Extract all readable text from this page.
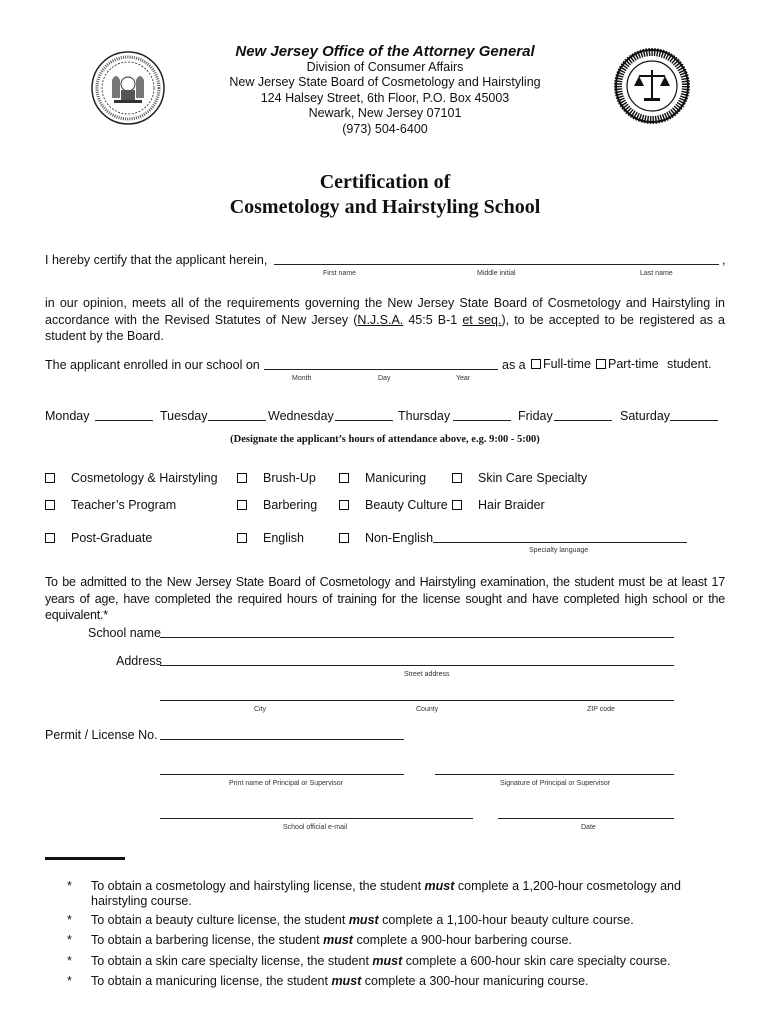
New Jersey Office of the Attorney General
Division of Consumer Affairs
New Jersey State Board of Cosmetology and Hairstyling
124 Halsey Street, 6th Floor, P.O. Box 45003
Newark, New Jersey 07101
(973) 504-6400
Certification of
Cosmetology and Hairstyling School
I hereby certify that the applicant herein,	,
First name	Middle initial	Last name
in our opinion, meets all of the requirements governing the New Jersey State Board of Cosmetology and Hairstyling in accordance with the Revised Statutes of New Jersey (N.J.S.A. 45:5 B-1 et seq.), to be accepted to be registered as a student by the Board.
The applicant enrolled in our school on	as a	Full-time	Part-time student.
Month	Day	Year
Monday	Tuesday	Wednesday	Thursday	Friday	Saturday
(Designate the applicant’s hours of attendance above, e.g. 9:00 - 5:00)
Cosmetology & Hairstyling	Brush-Up	Manicuring	Skin Care Specialty
Teacher’s Program	Barbering	Beauty Culture	Hair Braider
Post-Graduate	English	Non-English
Specialty language
To be admitted to the New Jersey State Board of Cosmetology and Hairstyling examination, the student must be at least 17 years of age, have completed the required hours of training for the license sought and have completed high school or the equivalent.*
School name
Address
Street address
City	County	ZIP code
Permit / License No.
Print name of Principal or Supervisor	Signature of Principal or Supervisor
School official e-mail	Date
* To obtain a cosmetology and hairstyling license, the student must complete a 1,200-hour cosmetology and
hairstyling course.
* To obtain a beauty culture license, the student must complete a 1,100-hour beauty culture course.
* To obtain a barbering license, the student must complete a 900-hour barbering course.
* To obtain a skin care specialty license, the student must complete a 600-hour skin care specialty course.
* To obtain a manicuring license, the student must complete a 300-hour manicuring course.
